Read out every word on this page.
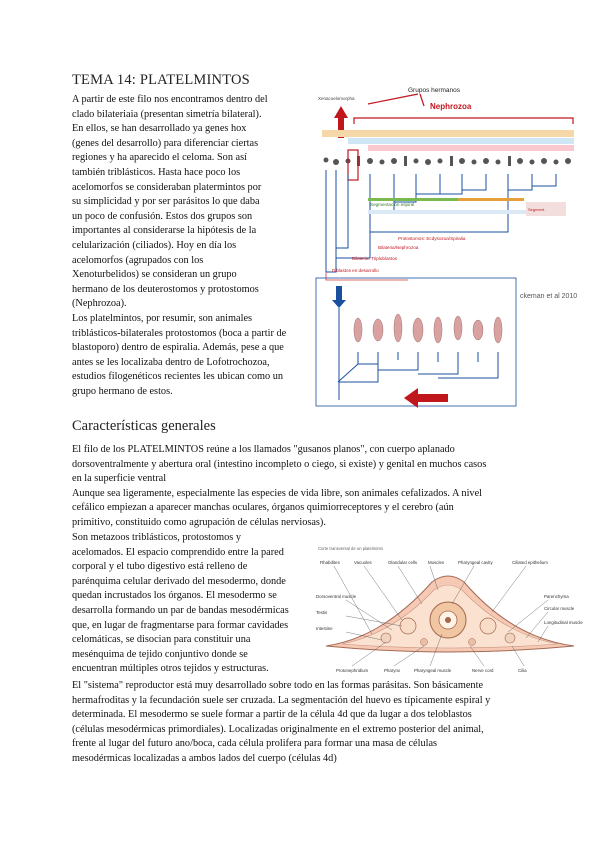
TEMA 14: PLATELMINTOS
A partir de este filo nos encontramos dentro del
clado bilateriaia (presentan simetría bilateral).
En ellos, se han desarrollado ya genes hox
(genes del desarrollo) para diferenciar ciertas
regiones y ha aparecido el celoma. Son así
también triblásticos. Hasta hace poco los
acelomorfos se consideraban platermintos por
su simplicidad y por ser parásitos lo que daba
un poco de confusión. Estos dos grupos son
importantes al considerarse la hipótesis de la
celularización (ciliados). Hoy en día los
acelomorfos (agrupados con los
Xenoturbelidos) se consideran un grupo
hermano de los deuterostomos y protostomos
(Nephrozoa).
Los platelmintos, por resumir, son animales
triblásticos-bilaterales protostomos (boca a partir de
blastoporo) dentro de espiralia. Además, pese a que
antes se les localizaba dentro de Lofotrochozoa,
estudios filogenéticos recientes les ubican como un
grupo hermano de estos.
Grupos hermanos
Xenacoelomorpha
Nephrozoa
Segment.
Segmentación espiral
Protostomos: Ecdysozoa/Spiralia
Bilateria/Nephrozoa
Bilateria: Triploblastos
Diblastos en desarrollo
ckeman et al 2010
Características generales
El filo de los PLATELMINTOS reúne a los llamados "gusanos planos", con cuerpo aplanado
dorsoventralmente y abertura oral (intestino incompleto o ciego, si existe) y genital en muchos casos
en la superficie ventral
Aunque sea ligeramente, especialmente las especies de vida libre, son animales cefalizados. A nivel
cefálico empiezan a aparecer manchas oculares, órganos quimiorreceptores y el cerebro (aún
primitivo, constituido como agrupación de células nerviosas).
Son metazoos triblásticos, protostomos y
acelomados. El espacio comprendido entre la pared
corporal y el tubo digestivo está relleno de
parénquima celular derivado del mesodermo, donde
quedan incrustados los órganos. El mesodermo se
desarrolla formando un par de bandas mesodérmicas
que, en lugar de fragmentarse para formar cavidades
celomáticas, se disocian para constituir una
mesénquima de tejido conjuntivo donde se
encuentran múltiples otros tejidos y estructuras.
Corte transversal de un platelminto
Rhabdites	Vacuoles	Glandular cells Muscles	Pharyngeal cavity	Ciliated epithelium
Dorsoventral muscle
Testis
Intestine
Parenchyma
Circular muscle
Longitudinal muscle
Protonephridium	Pharynx	Pharyngeal muscle	Nerve cord	Cilia
El "sistema" reproductor está muy desarrollado sobre todo en las formas parásitas. Son básicamente
hermafroditas y la fecundación suele ser cruzada. La segmentación del huevo es típicamente espiral y
determinada. El mesodermo se suele formar a partir de la célula 4d que da lugar a dos teloblastos
(células mesodérmicas primordiales). Localizadas originalmente en el extremo posterior del animal,
frente al lugar del futuro ano/boca, cada célula prolifera para formar una masa de células
mesodérmicas localizadas a ambos lados del cuerpo (células 4d)
